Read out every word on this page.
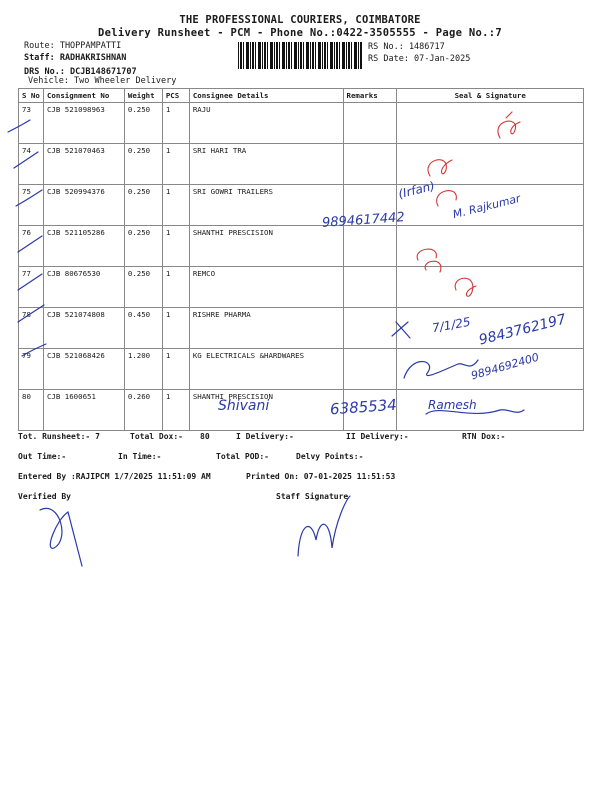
THE PROFESSIONAL COURIERS, COIMBATORE
Delivery Runsheet - PCM - Phone No.:0422-3505555 - Page No.:7
Route: THOPPAMPATTI
Staff: RADHAKRISHNAN
DRS No.: DCJB148671707
Vehicle: Two Wheeler Delivery
RS No.: 1486717
RS Date: 07-Jan-2025
S No	Consignment No	Weight	PCS	Consignee Details	Remarks	Seal & Signature
73	CJB 521098963	0.250	1	RAJU		
74	CJB 521070463	0.250	1	SRI HARI TRA		
75	CJB 520994376	0.250	1	SRI GOWRI TRAILERS		
76	CJB 521105286	0.250	1	SHANTHI PRESCISION		
77	CJB 80676530	0.250	1	REMCO		
78	CJB 521074808	0.450	1	RISHRE PHARMA		
79	CJB 521068426	1.200	1	KG ELECTRICALS &HARDWARES		
80	CJB 1600651	0.260	1	SHANTHI PRESCISION		
Tot. Runsheet:- 7	Total Dox:- 80	I Delivery:-	II Delivery:-	RTN Dox:-
Out Time:-	In Time:-	Total POD:-	Delvy Points:-
Entered By :RAJIPCM 1/7/2025 11:51:09 AM	Printed On: 07-01-2025 11:51:53
Verified By	Staff Signature
9894617442
(Irfan)
M. Rajkumar
7/1/25 9843762197
9894692400
Shivani	6385534	Ramesh
